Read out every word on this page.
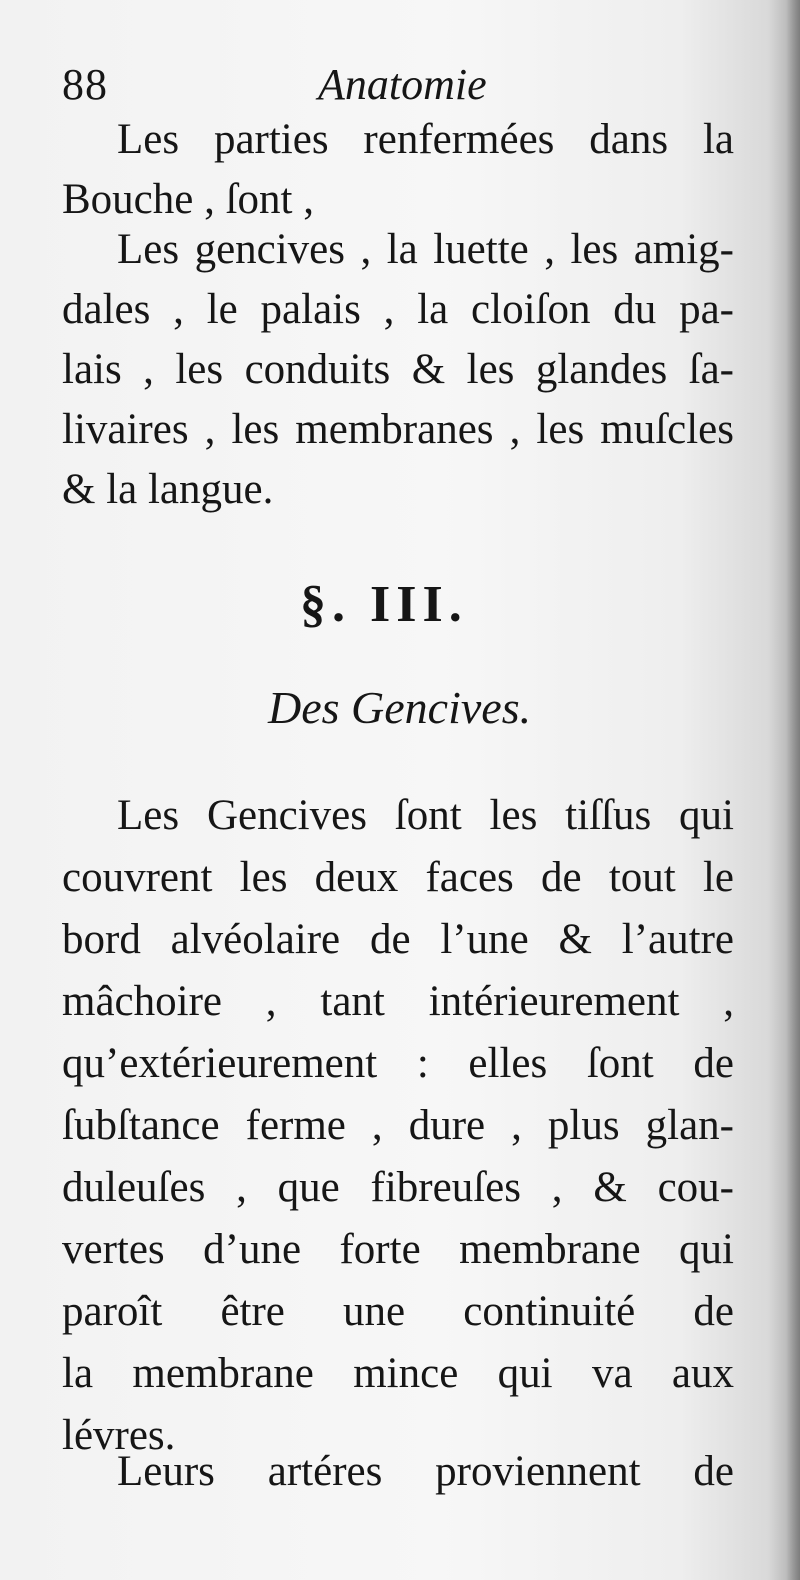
88	Anatomie
Les parties renfermées dans la
Bouche , ſont ,
Les gencives , la luette , les amig-
dales , le palais , la cloiſon du pa-
lais , les conduits & les glandes ſa-
livaires , les membranes , les muſcles
& la langue.
§. III.
Des Gencives.
Les Gencives ſont les tiſſus qui
couvrent les deux faces de tout le
bord alvéolaire de l’une & l’autre
mâchoire , tant intérieurement ,
qu’extérieurement : elles ſont de
ſubſtance ferme , dure , plus glan-
duleuſes , que fibreuſes , & cou-
vertes d’une forte membrane qui
paroît être une continuité de
la membrane mince qui va aux
lévres.
Leurs artéres proviennent de
